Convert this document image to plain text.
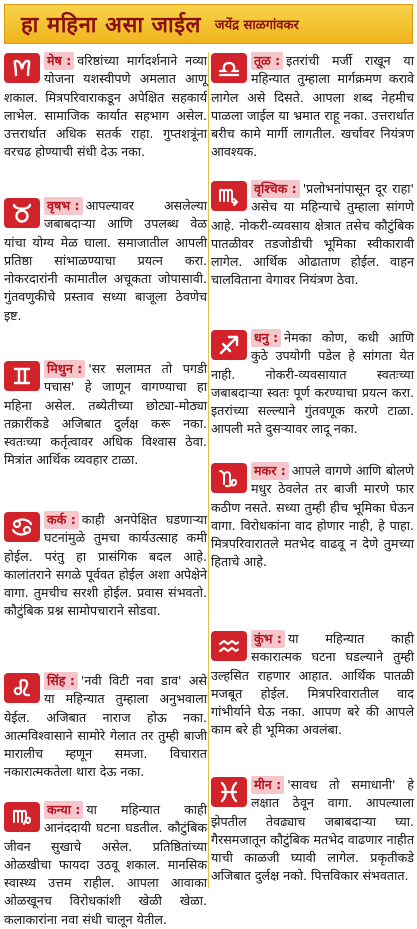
हा महिना असा जाईल जयेंद्र साळगांवकर
मेष : वरिष्ठांच्या मार्गदर्शनाने नव्या योजना यशस्वीपणे अमलात आणू शकाल. मित्रपरिवाराकडून अपेक्षित सहकार्य लाभेल. सामाजिक कार्यात सहभाग असेल. उत्तरार्धात अधिक सतर्क राहा. गुप्तशत्रूंना वरचढ होण्याची संधी देऊ नका.
वृषभ : आपल्यावर असलेल्या जबाबदाऱ्या आणि उपलब्ध वेळ यांचा योग्य मेळ घाला. समाजातील आपली प्रतिष्ठा सांभाळण्याचा प्रयत्न करा. नोकरदारांनी कामातील अचूकता जोपासावी. गुंतवणुकीचे प्रस्ताव सध्या बाजूला ठेवणेच इष्ट.
मिथुन : 'सर सलामत तो पगडी पचास' हे जाणून वागण्याचा हा महिना असेल. तब्येतीच्या छोट्या-मोठ्या तक्रारींकडे अजिबात दुर्लक्ष करू नका. स्वतःच्या कर्तृत्वावर अधिक विश्वास ठेवा. मित्रांत आर्थिक व्यवहार टाळा.
कर्क : काही अनपेक्षित घडणाऱ्या घटनांमुळे तुमचा कार्यउत्साह कमी होईल. परंतु हा प्रासंगिक बदल आहे. कालांतराने सगळे पूर्ववत होईल अशा अपेक्षेने वागा. तुमचीच सरशी होईल. प्रवास संभवतो. कौटुंबिक प्रश्न सामोपचाराने सोडवा.
सिंह : 'नवी विटी नवा डाव' असे या महिन्यात तुम्हाला अनुभवाला येईल. अजिबात नाराज होऊ नका. आत्मविश्वासाने सामोरे गेलात तर तुम्ही बाजी मारालीच म्हणून समजा. विचारात नकारात्मकतेला थारा देऊ नका.
कन्या : या महिन्यात काही आनंददायी घटना घडतील. कौटुंबिक जीवन सुखाचे असेल. प्रतिष्ठितांच्या ओळखीचा फायदा उठवू शकाल. मानसिक स्वास्थ्य उत्तम राहील. आपला आवाका ओळखूनच विरोधकांशी खेळी खेळा. कलाकारांना नवा संधी चालून येतील.
तूळ : इतरांची मर्जी राखून या महिन्यात तुम्हाला मार्गक्रमण करावे लागेल असे दिसते. आपला शब्द नेहमीच पाळला जाईल या भ्रमात राहू नका. उत्तरार्धात बरीच कामे मार्गी लागतील. खर्चावर नियंत्रण आवश्यक.
वृश्चिक : 'प्रलोभनांपासून दूर राहा' असेच या महिन्याचे तुम्हाला सांगणे आहे. नोकरी-व्यवसाय क्षेत्रात तसेच कौटुंबिक पातळीवर तडजोडीची भूमिका स्वीकारावी लागेल. आर्थिक ओढाताण होईल. वाहन चालविताना वेगावर नियंत्रण ठेवा.
धनु : नेमका कोण, कधी आणि कुठे उपयोगी पडेल हे सांगता येत नाही. नोकरी-व्यवसायात स्वतःच्या जबाबदाऱ्या स्वतः पूर्ण करण्याचा प्रयत्न करा. इतरांच्या सल्ल्याने गुंतवणूक करणे टाळा. आपली मते दुसऱ्यावर लादू नका.
मकर : आपले वागणे आणि बोलणे मधुर ठेवलेत तर बाजी मारणे फार कठीण नसते. सध्या तुम्ही हीच भूमिका घेऊन वागा. विरोधकांना वाद होणार नाही, हे पाहा. मित्रपरिवारातले मतभेद वाढवू न देणे तुमच्या हिताचे आहे.
कुंभ : या महिन्यात काही सकारात्मक घटना घडल्याने तुम्ही उल्हसित राहणार आहात. आर्थिक पातळी मजबूत होईल. मित्रपरिवारातील वाद गांभीर्याने घेऊ नका. आपण बरे की आपले काम बरे ही भूमिका अवलंबा.
मीन : 'सावध तो समाधानी' हे लक्षात ठेवून वागा. आपल्याला झेपतील तेवढ्याच जबाबदाऱ्या घ्या. गैरसमजातून कौटुंबिक मतभेद वाढणार नाहीत याची काळजी घ्यावी लागेल. प्रकृतीकडे अजिबात दुर्लक्ष नको. पित्तविकार संभवतात.
